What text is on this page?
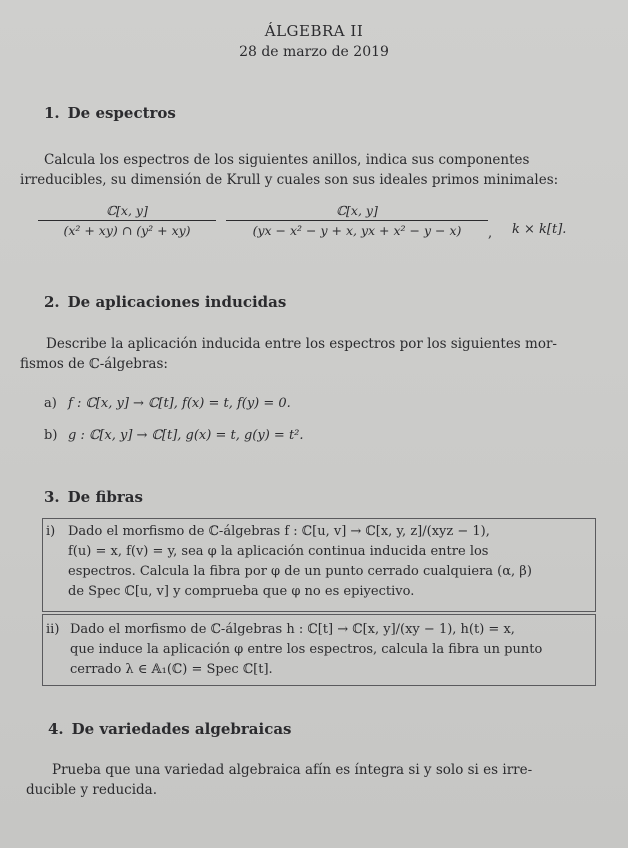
ÁLGEBRA II
28 de marzo de 2019
1. De espectros
Calcula los espectros de los siguientes anillos, indica sus componentes
irreducibles, su dimensión de Krull y cuales son sus ideales primos minimales:
ℂ[x, y]
(x² + xy) ∩ (y² + xy)
ℂ[x, y]
(yx − x² − y + x, yx + x² − y − x)	, k × k[t].
2. De aplicaciones inducidas
Describe la aplicación inducida entre los espectros por los siguientes mor-
fismos de ℂ-álgebras:
a) f : ℂ[x, y] → ℂ[t], f(x) = t, f(y) = 0.
b) g : ℂ[x, y] → ℂ[t], g(x) = t, g(y) = t².
3. De fibras
i) Dado el morfismo de ℂ-álgebras f : ℂ[u, v] → ℂ[x, y, z]/(xyz − 1),
f(u) = x, f(v) = y, sea φ la aplicación continua inducida entre los
espectros. Calcula la fibra por φ de un punto cerrado cualquiera (α, β)
de Spec ℂ[u, v] y comprueba que φ no es epiyectivo.
ii) Dado el morfismo de ℂ-álgebras h : ℂ[t] → ℂ[x, y]/(xy − 1), h(t) = x,
que induce la aplicación φ entre los espectros, calcula la fibra un punto
cerrado λ ∈ 𝔸₁(ℂ) = Spec ℂ[t].
4. De variedades algebraicas
Prueba que una variedad algebraica afín es íntegra si y solo si es irre-
ducible y reducida.
